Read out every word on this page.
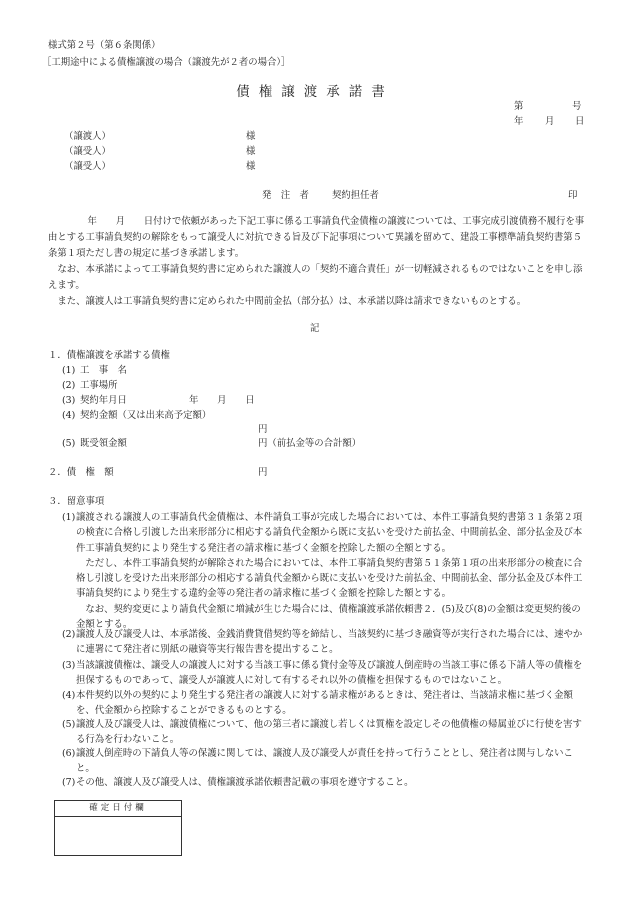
様式第２号（第６条関係）
［工期途中による債権譲渡の場合（譲渡先が２者の場合）］
債権譲渡承諾書
第	号
年 月 日
（譲渡人）	様
（譲受人）	様
（譲受人）	様
発　注　者 契約担任者	印

年　　月　　日付けで依頼があった下記工事に係る工事請負代金債権の譲渡については、工事完成引渡債務不履行を事由とする工事請負契約の解除をもって譲受人に対抗できる旨及び下記事項について異議を留めて、建設工事標準請負契約書第５条第１項ただし書の規定に基づき承諾します。

なお、本承諾によって工事請負契約書に定められた譲渡人の「契約不適合責任」が一切軽減されるものではないことを申し添えます。

また、譲渡人は工事請負契約書に定められた中間前金払（部分払）は、本承諾以降は請求できないものとする。

記
１．債権譲渡を承諾する債権
(1) 工　事　名
(2) 工事場所
(3) 契約年月日	年　　月　　日
(4) 契約金額（又は出来高予定額）
円
(5) 既受領金額	円（前払金等の合計額）
２．債　権　額	円
３．留意事項
(1) 譲渡される譲渡人の工事請負代金債権は、本件請負工事が完成した場合においては、本件工事請負契約書第３１条第２項の検査に合格し引渡した出来形部分に相応する請負代金額から既に支払いを受けた前払金、中間前払金、部分払金及び本件工事請負契約により発生する発注者の請求権に基づく金額を控除した額の全額とする。

ただし、本件工事請負契約が解除された場合においては、本件工事請負契約書第５１条第１項の出来形部分の検査に合格し引渡しを受けた出来形部分の相応する請負代金額から既に支払いを受けた前払金、中間前払金、部分払金及び本件工事請負契約により発生する違約金等の発注者の請求権に基づく金額を控除した額とする。

なお、契約変更により請負代金額に増減が生じた場合には、債権譲渡承諾依頼書２．(5)及び(8)の金額は変更契約後の金額とする。

(2) 譲渡人及び譲受人は、本承諾後、金銭消費貸借契約等を締結し、当該契約に基づき融資等が実行された場合には、速やかに連署にて発注者に別紙の融資等実行報告書を提出すること。

(3) 当該譲渡債権は、譲受人の譲渡人に対する当該工事に係る貸付金等及び譲渡人倒産時の当該工事に係る下請人等の債権を担保するものであって、譲受人が譲渡人に対して有するそれ以外の債権を担保するものではないこと。

(4) 本件契約以外の契約により発生する発注者の譲渡人に対する請求権があるときは、発注者は、当該請求権に基づく金額を、代金額から控除することができるものとする。

(5) 譲渡人及び譲受人は、譲渡債権について、他の第三者に譲渡し若しくは質権を設定しその他債権の帰属並びに行使を害する行為を行わないこと。

(6) 譲渡人倒産時の下請負人等の保護に関しては、譲渡人及び譲受人が責任を持って行うこととし、発注者は関与しないこと。

(7) その他、譲渡人及び譲受人は、債権譲渡承諾依頼書記載の事項を遵守すること。

確定日付欄
